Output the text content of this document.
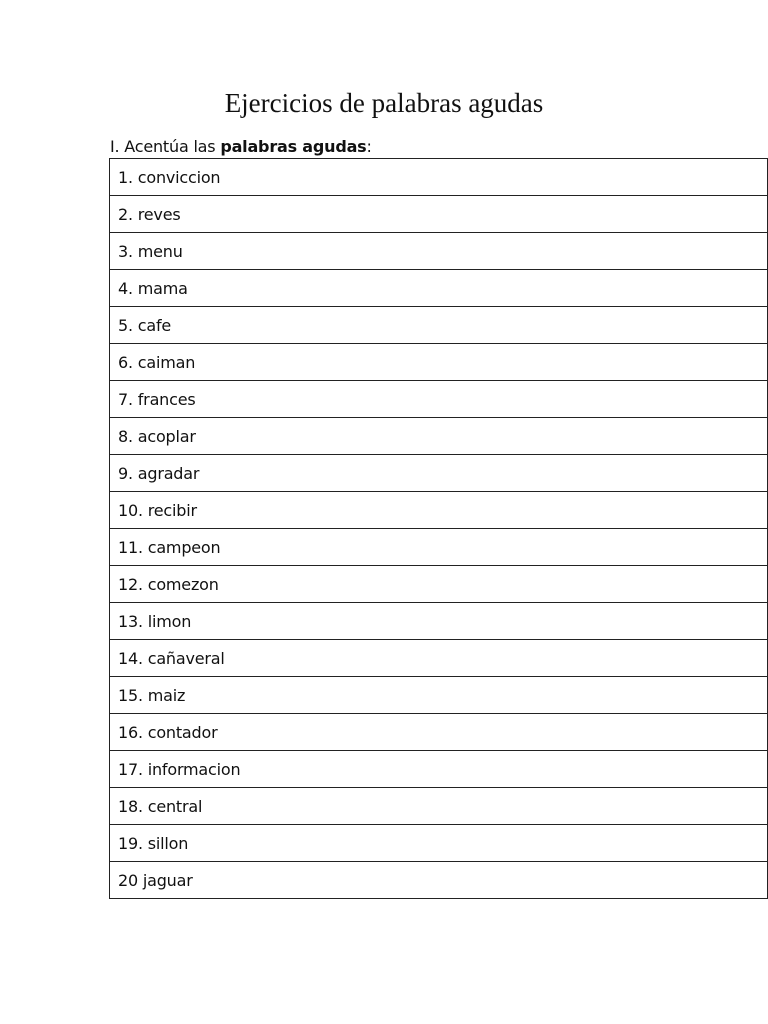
Ejercicios de palabras agudas

I. Acentúa las palabras agudas:

1. conviccion
2. reves
3. menu
4. mama
5. cafe
6. caiman
7. frances
8. acoplar
9. agradar
10. recibir
11. campeon
12. comezon
13. limon
14. cañaveral
15. maiz
16. contador
17. informacion
18. central
19. sillon
20 jaguar
